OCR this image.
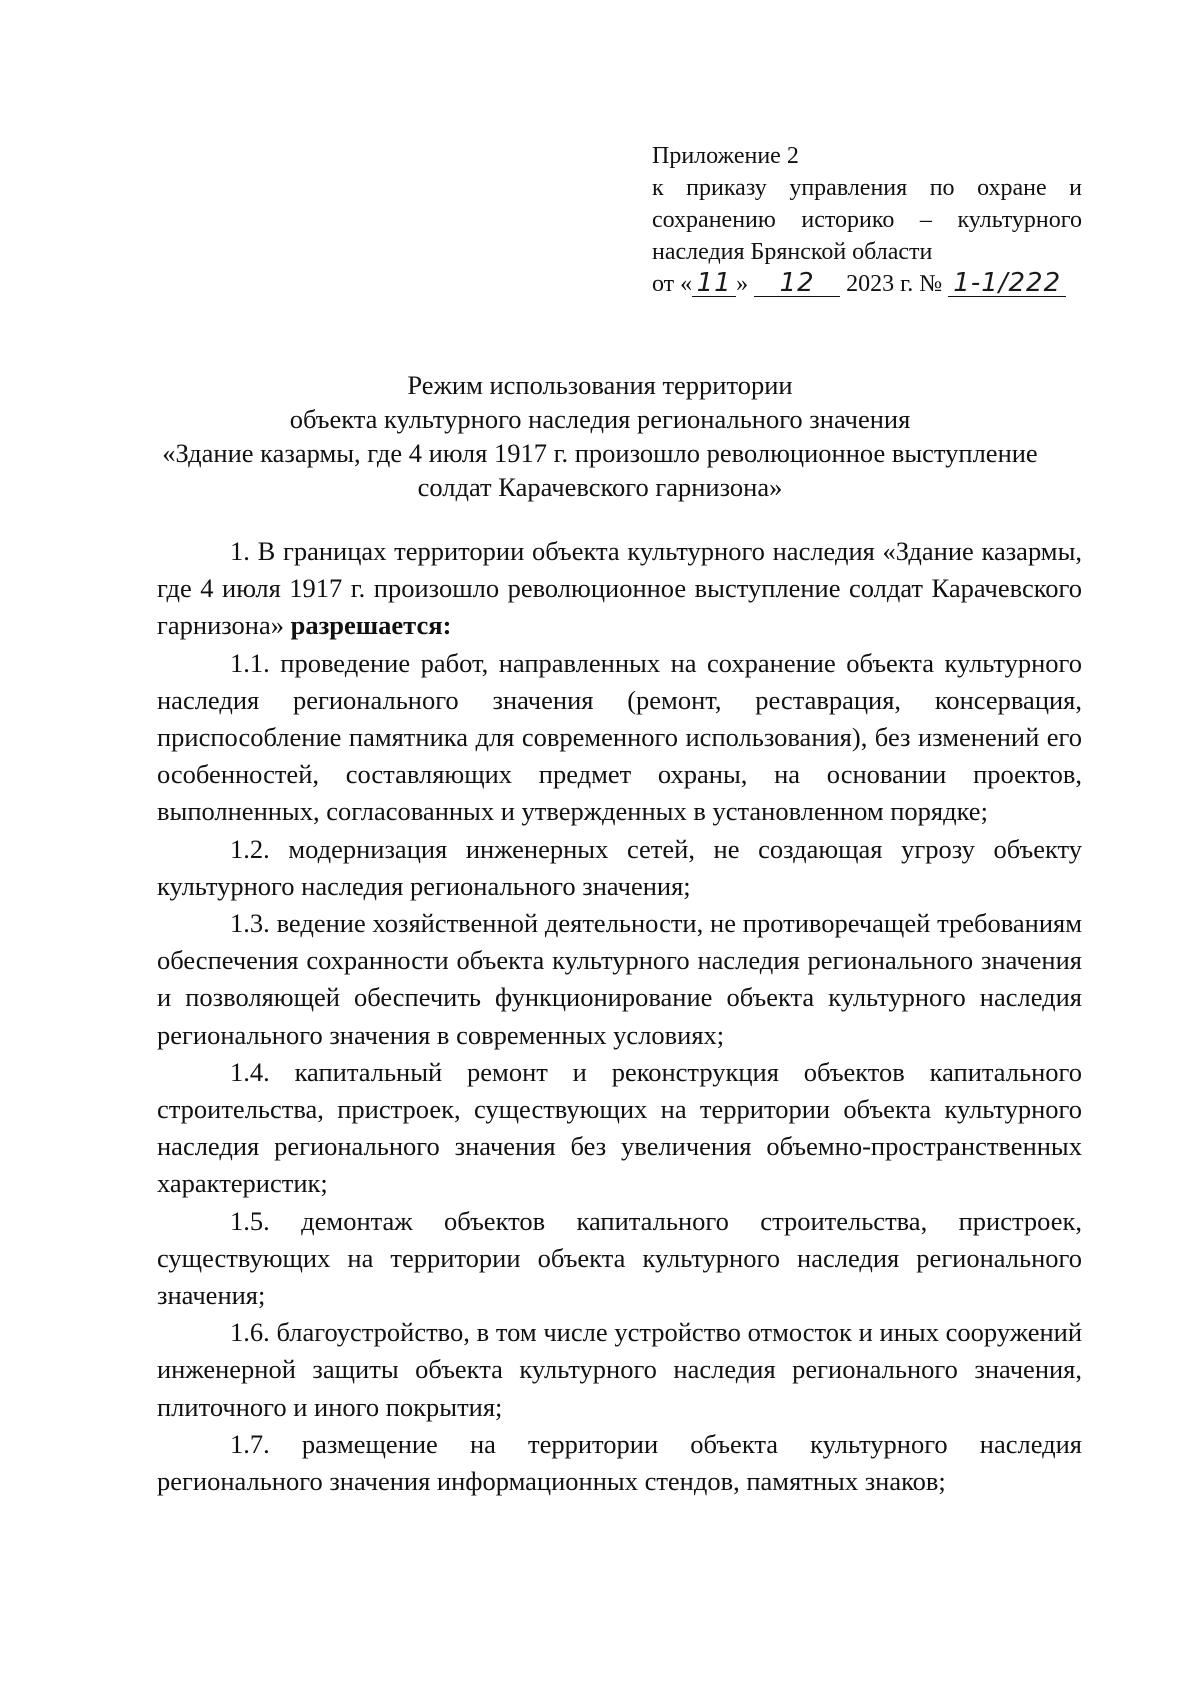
Приложение 2
к приказу управления по охране и
сохранению историко – культурного
наследия Брянской области
от « 11 »	12	2023 г. № 1-1/222
Режим использования территории
объекта культурного наследия регионального значения
«Здание казармы, где 4 июля 1917 г. произошло революционное выступление
солдат Карачевского гарнизона»

1. В границах территории объекта культурного наследия «Здание казармы, где 4 июля 1917 г. произошло революционное выступление солдат Карачевского гарнизона» разрешается:

1.1. проведение работ, направленных на сохранение объекта культурного наследия регионального значения (ремонт, реставрация, консервация, приспособление памятника для современного использования), без изменений его особенностей, составляющих предмет охраны, на основании проектов, выполненных, согласованных и утвержденных в установленном порядке;

1.2. модернизация инженерных сетей, не создающая угрозу объекту культурного наследия регионального значения;

1.3. ведение хозяйственной деятельности, не противоречащей требованиям обеспечения сохранности объекта культурного наследия регионального значения и позволяющей обеспечить функционирование объекта культурного наследия регионального значения в современных условиях;

1.4. капитальный ремонт и реконструкция объектов капитального строительства, пристроек, существующих на территории объекта культурного наследия регионального значения без увеличения объемно-пространственных характеристик;

1.5. демонтаж объектов капитального строительства, пристроек, существующих на территории объекта культурного наследия регионального значения;

1.6. благоустройство, в том числе устройство отмосток и иных сооружений инженерной защиты объекта культурного наследия регионального значения, плиточного и иного покрытия;

1.7. размещение на территории объекта культурного наследия регионального значения информационных стендов, памятных знаков;
